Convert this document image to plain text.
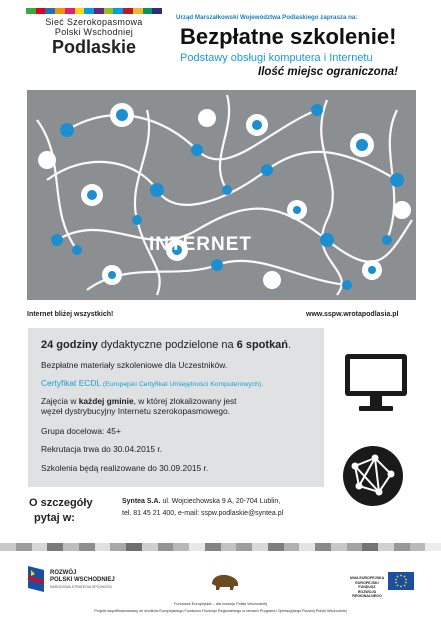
Sieć Szerokopasmowa
Polski Wschodniej
Podlaskie
Urząd Marszałkowski Województwa Podlaskiego zaprasza na:
Bezpłatne szkolenie!
Podstawy obsługi komputera i Internetu
Ilość miejsc ograniczona!
INTERNET
Internet bliżej wszystkich!	www.sspw.wrotapodlasia.pl

24 godziny dydaktyczne podzielone na 6 spotkań.

Bezpłatne materiały szkoleniowe dla Uczestników.

Certyfikat ECDL (Europejski Certyfikat Umiejętności Komputerowych).

Zajęcia w każdej gminie, w której zlokalizowany jest

węzeł dystrybucyjny Internetu szerokopasmowego.

Grupa docelowa: 45+

Rekrutacja trwa do 30.04.2015 r.

Szkolenia będą realizowane do 30.09.2015 r.

O szczegóły
pytaj w:
Syntea S.A. ul. Wojciechowska 9 A, 20-704 Lublin,
tel. 81 45 21 400, e-mail: sspw.podlaskie@syntea.pl
ROZWÓJ
POLSKI WSCHODNIEJ
NARODOWA STRATEGIA SPÓJNOŚCI
UNIA EUROPEJSKA
EUROPEJSKI FUNDUSZ
ROZWOJU REGIONALNEGO
Fundusze Europejskie – dla rozwoju Polski Wschodniej
Projekt współfinansowany ze środków Europejskiego Funduszu Rozwoju Regionalnego w ramach Programu Operacyjnego Rozwój Polski Wschodniej
